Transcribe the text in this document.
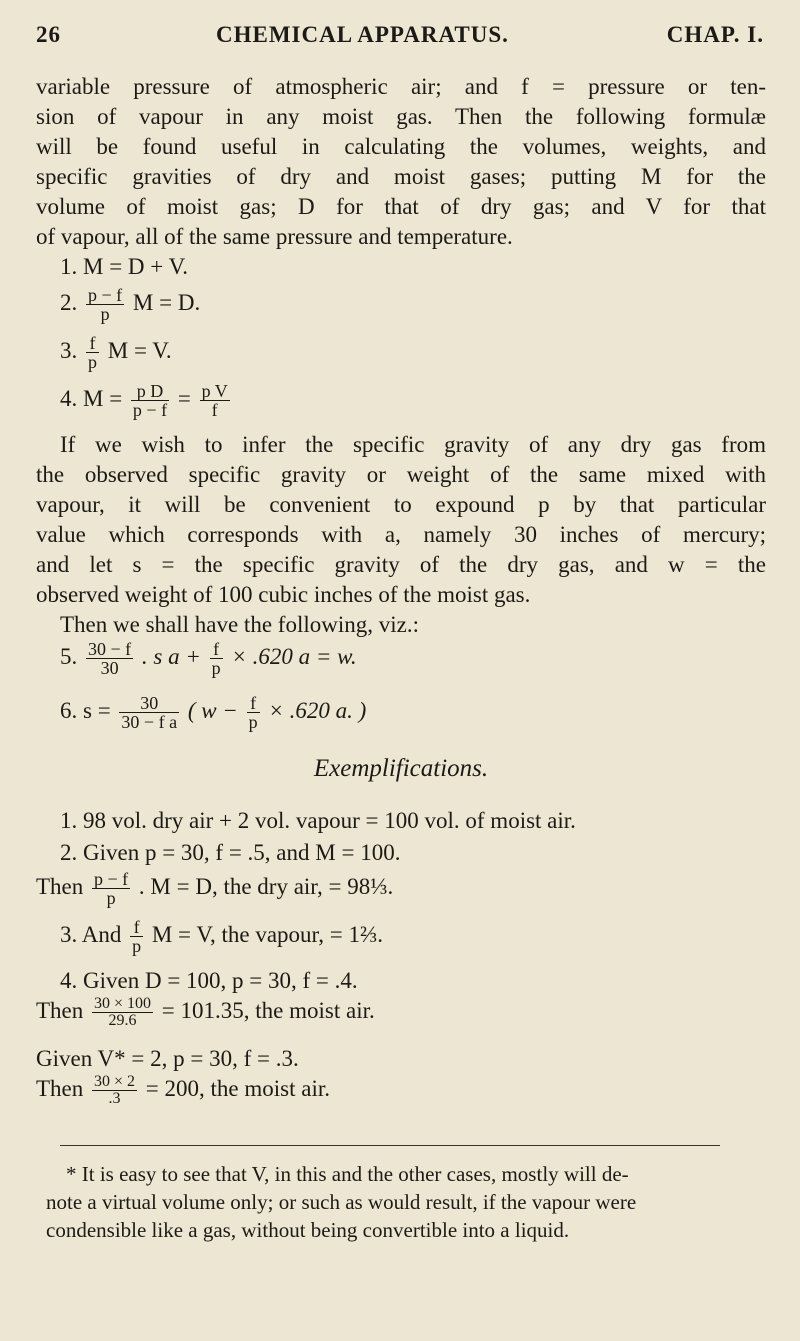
26	CHEMICAL APPARATUS.	CHAP. I.
variable pressure of atmospheric air; and f = pressure or ten-
sion of vapour in any moist gas. Then the following formulæ
will be found useful in calculating the volumes, weights, and
specific gravities of dry and moist gases; putting M for the
volume of moist gas; D for that of dry gas; and V for that
of vapour, all of the same pressure and temperature.
1. M = D + V.
2. $\frac{p - f}{p}$ M = D.
3. $\frac{f}{p}$ M = V.
4. $M = \frac{\text{p D}}{p - f} = \frac{\text{p V}}{f}$
If we wish to infer the specific gravity of any dry gas from
the observed specific gravity or weight of the same mixed with
vapour, it will be convenient to expound p by that particular
value which corresponds with a, namely 30 inches of mercury;
and let s = the specific gravity of the dry gas, and w = the
observed weight of 100 cubic inches of the moist gas.
Then we shall have the following, viz.:
5. $\frac{30 - f}{30}$ . s $a + \frac{f}{p} \times .620$ a = w.
6. $s = \frac{30}{\text{30 − f a}}$ ( $w - \frac{f}{p} \times .620$ a. )
Exemplifications.
1. 98 vol. dry air + 2 vol. vapour = 100 vol. of moist air.
2. Given p = 30, f = .5, and M = 100.
Then $\frac{p - f}{p}$ . M = D, the dry air, = 98⅓.
3. And $\frac{f}{p}$ M = V, the vapour, = 1⅔.
4. Given D = 100, p = 30, f = .4.
Then $\frac{30 \times 100}{29.6} = 101.35$, the moist air.
Given V* = 2, p = 30, f = .3.
Then $\frac{30 \times 2}{.3} = 200$, the moist air.
* It is easy to see that V, in this and the other cases, mostly will de-
note a virtual volume only; or such as would result, if the vapour were
condensible like a gas, without being convertible into a liquid.
